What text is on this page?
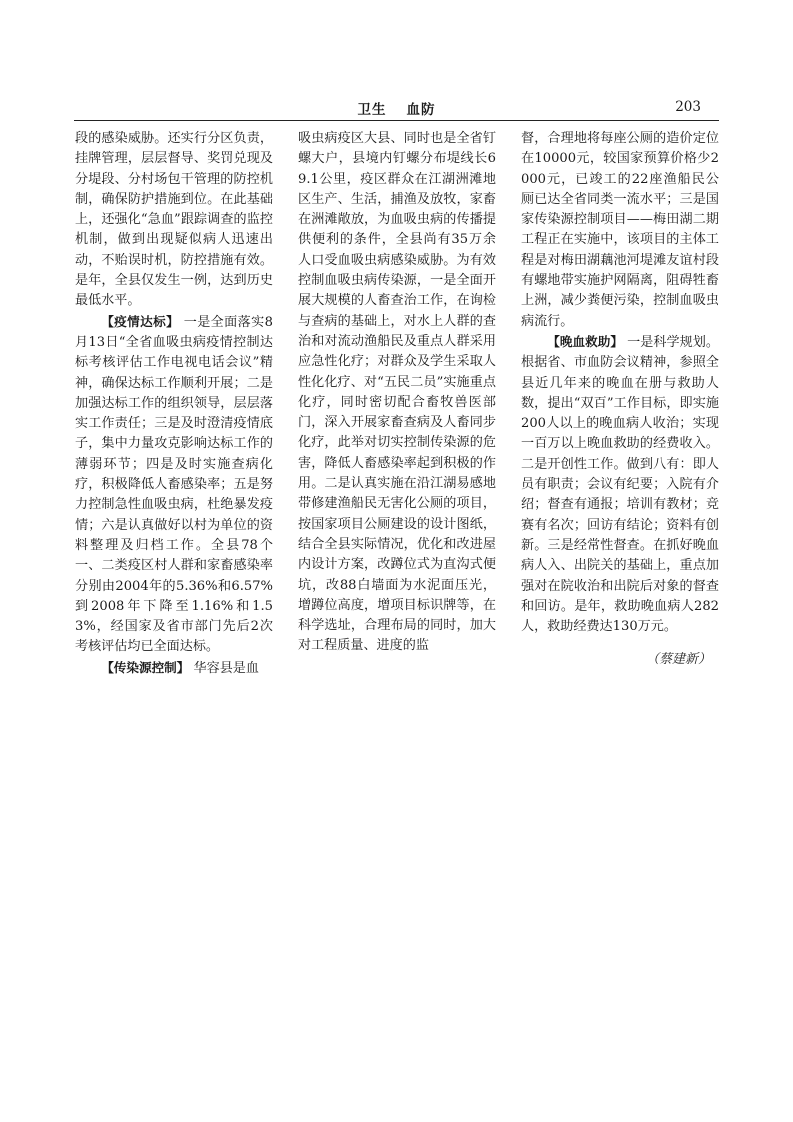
卫生 血防	203

段的感染威胁。还实行分区负责，挂牌管理，层层督导、奖罚兑现及分堤段、分村场包干管理的防控机制，确保防护措施到位。在此基础上，还强化“急血”跟踪调查的监控机制，做到出现疑似病人迅速出动，不贻误时机，防控措施有效。是年，全县仅发生一例，达到历史最低水平。

【疫情达标】 一是全面落实8月13日“全省血吸虫病疫情控制达标考核评估工作电视电话会议”精神，确保达标工作顺利开展；二是加强达标工作的组织领导，层层落实工作责任；三是及时澄清疫情底子，集中力量攻克影响达标工作的薄弱环节；四是及时实施查病化疗，积极降低人畜感染率；五是努力控制急性血吸虫病，杜绝暴发疫情；六是认真做好以村为单位的资料整理及归档工作。全县78个一、二类疫区村人群和家畜感染率分别由2004年的5.36%和6.57%到2008年下降至1.16%和1.53%，经国家及省市部门先后2次考核评估均已全面达标。

【传染源控制】 华容县是血

吸虫病疫区大县、同时也是全省钉螺大户，县境内钉螺分布堤线长69.1公里，疫区群众在江湖洲滩地区生产、生活，捕渔及放牧，家畜在洲滩敞放，为血吸虫病的传播提供便利的条件，全县尚有35万余人口受血吸虫病感染威胁。为有效控制血吸虫病传染源，一是全面开展大规模的人畜查治工作，在询检与查病的基础上，对水上人群的查治和对流动渔船民及重点人群采用应急性化疗；对群众及学生采取人性化化疗、对“五民二员”实施重点化疗，同时密切配合畜牧兽医部门，深入开展家畜查病及人畜同步化疗，此举对切实控制传染源的危害，降低人畜感染率起到积极的作用。二是认真实施在沿江湖易感地带修建渔船民无害化公厕的项目，按国家项目公厕建设的设计图纸，结合全县实际情况，优化和改进屋内设计方案，改蹲位式为直沟式便坑，改88白墙面为水泥面压光，增蹲位高度，增项目标识牌等，在科学选址，合理布局的同时，加大对工程质量、进度的监

督，合理地将每座公厕的造价定位在10000元，较国家预算价格少2000元，已竣工的22座渔船民公厕已达全省同类一流水平；三是国家传染源控制项目——梅田湖二期工程正在实施中，该项目的主体工程是对梅田湖藕池河堤滩友谊村段有螺地带实施护网隔离，阻碍牲畜上洲，减少粪便污染，控制血吸虫病流行。

【晚血救助】 一是科学规划。根据省、市血防会议精神，参照全县近几年来的晚血在册与救助人数，提出“双百”工作目标，即实施200人以上的晚血病人收治；实现一百万以上晚血救助的经费收入。二是开创性工作。做到八有：即人员有职责；会议有纪要；入院有介绍；督查有通报；培训有教材；竞赛有名次；回访有结论；资料有创新。三是经常性督查。在抓好晚血病人入、出院关的基础上，重点加强对在院收治和出院后对象的督查和回访。是年，救助晚血病人282人，救助经费达130万元。

（蔡建新）
